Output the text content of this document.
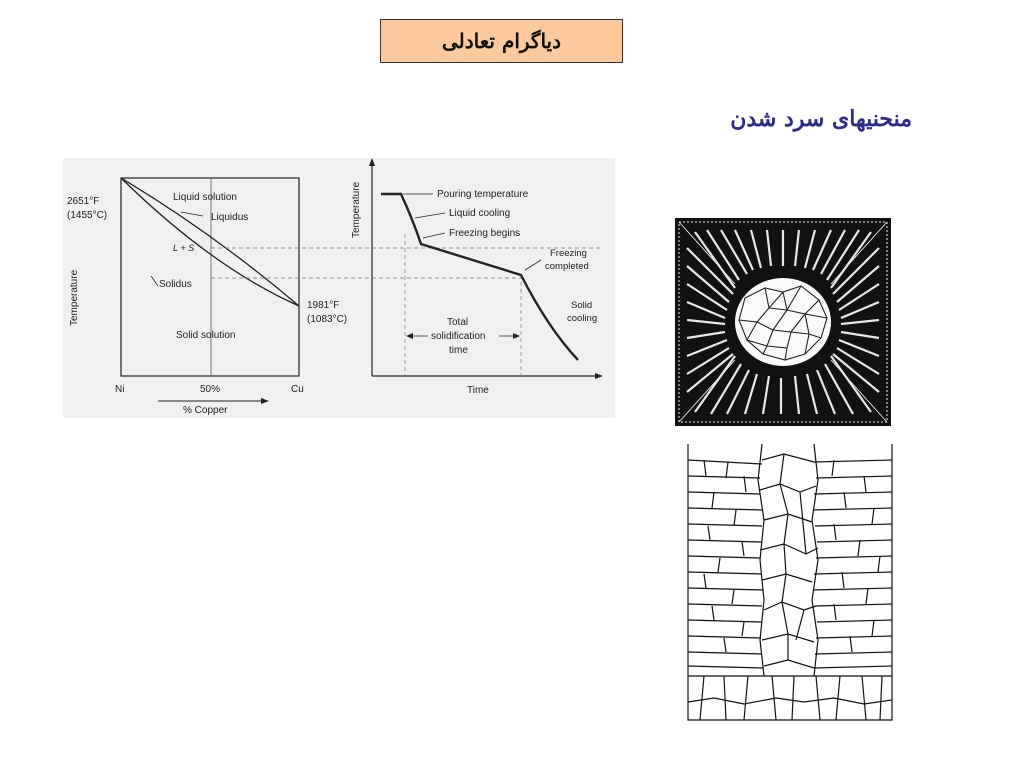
دیاگرام تعادلی
منحنیهای سرد شدن
Liquid solution
Liquidus
L + S
Solidus
Solid solution
2651°F
(1455°C)
1981°F
(1083°C)
Temperature
Ni	50%	Cu
% Copper
Temperature
Time
Pouring temperature
Liquid cooling
Freezing begins
Freezing
completed
Solid
cooling
Total
solidification
time
